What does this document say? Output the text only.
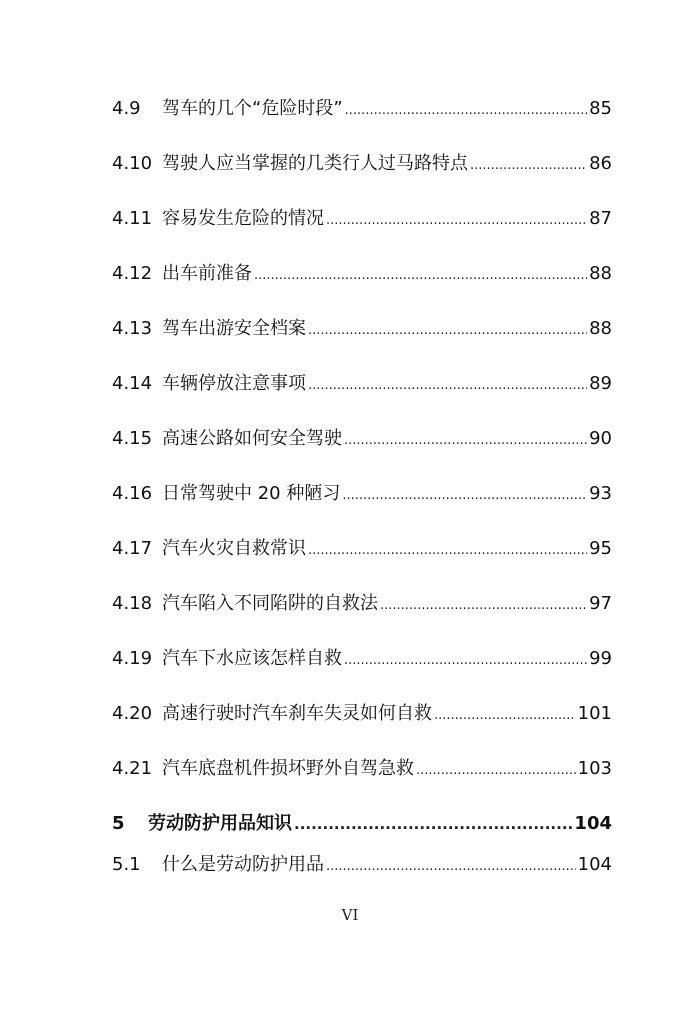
4.9	驾车的几个“危险时段” .....	85
4.10 驾驶人应当掌握的几类行人过马路特点 .....	86
4.11 容易发生危险的情况 .....	87
4.12 出车前准备 .....	88
4.13 驾车出游安全档案 .....	88
4.14 车辆停放注意事项 .....	89
4.15 高速公路如何安全驾驶 .....	90
4.16 日常驾驶中 20 种陋习 .....	93
4.17 汽车火灾自救常识 .....	95
4.18 汽车陷入不同陷阱的自救法 .....	97
4.19 汽车下水应该怎样自救 .....	99
4.20 高速行驶时汽车刹车失灵如何自救 .....	101
4.21 汽车底盘机件损坏野外自驾急救 .....	103
5	劳动防护用品知识 .....	104
5.1	什么是劳动防护用品 .....	104
VI
